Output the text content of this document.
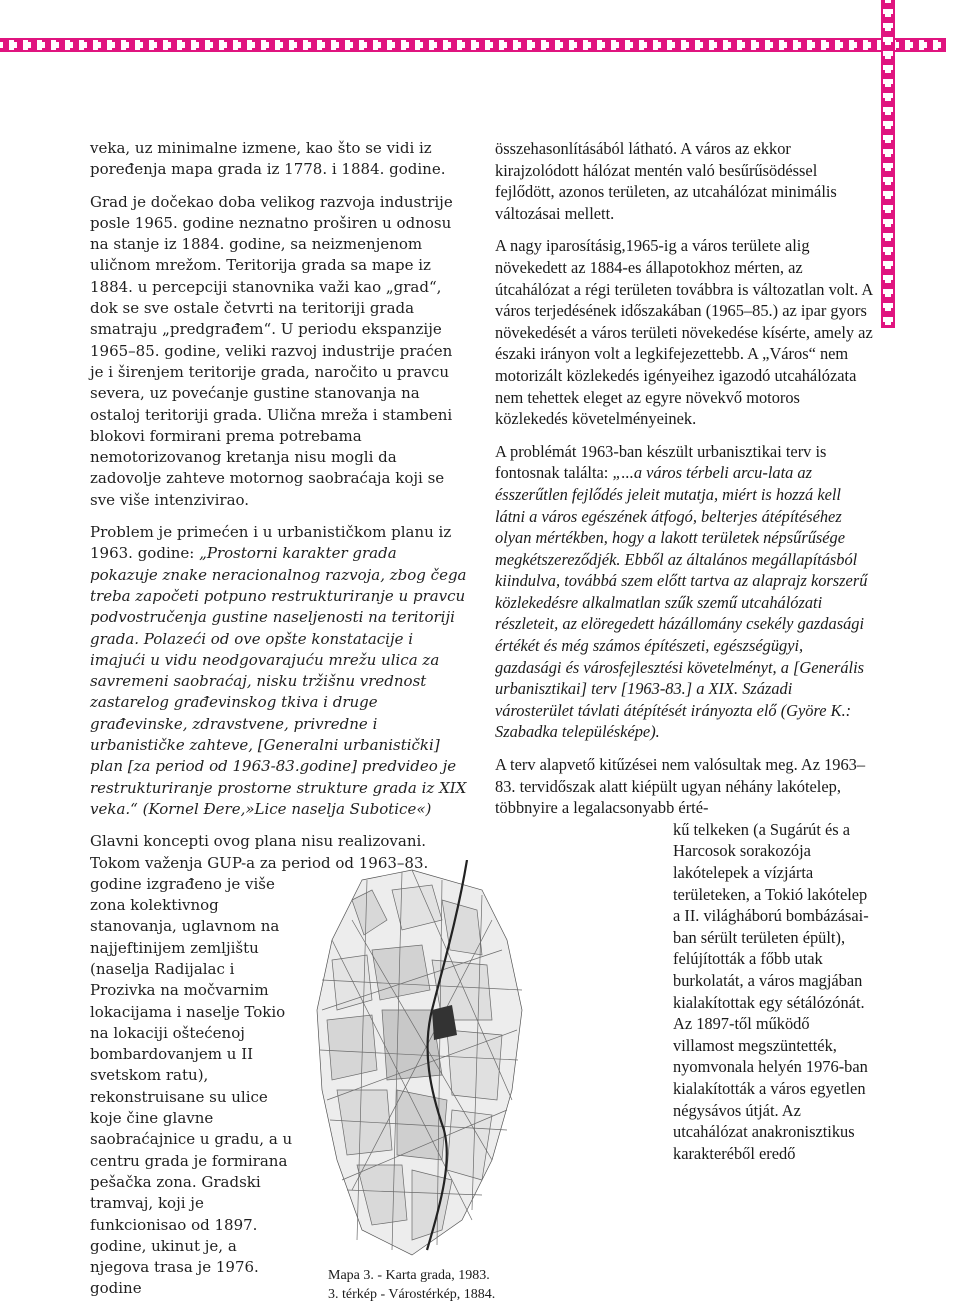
veka, uz minimalne izmene, kao što se vidi iz poređenja mapa grada iz 1778. i 1884. godine.

Grad je dočekao doba velikog razvoja industrije posle 1965. godine neznatno proširen u odnosu na stanje iz 1884. godine, sa neizmenjenom uličnom mrežom. Teritorija grada sa mape iz 1884. u percepciji stanovnika važi kao „grad“, dok se sve ostale četvrti na teritoriji grada smatraju „predgrađem“. U periodu ekspanzije 1965–85. godine, veliki razvoj industrije praćen je i širenjem teritorije grada, naročito u pravcu severa, uz povećanje gustine stanovanja na ostaloj teritoriji grada. Ulična mreža i stambeni blokovi formirani prema potrebama nemotorizovanog kretanja nisu mogli da zadovolje zahteve motornog saobraćaja koji se sve više intenzivirao.

Problem je primećen i u urbanističkom planu iz 1963. godine: „Prostorni karakter grada pokazuje znake neracionalnog razvoja, zbog čega treba započeti potpuno restrukturiranje u pravcu podvostručenja gustine naseljenosti na teritoriji grada. Polazeći od ove opšte konstatacije i imajući u vidu neodgovarajuću mrežu ulica za savremeni saobraćaj, nisku tržišnu vrednost zastarelog građevinskog tkiva i druge građevinske, zdravstvene, privredne i urbanističke zahteve, [Generalni urbanistički] plan [za period od 1963-83.godine] predvideo je restrukturiranje prostorne strukture grada iz XIX veka.“ (Kornel Đere,»Lice naselja Subotice«)

Glavni koncepti ovog plana nisu realizovani. Tokom važenja GUP-a za period od 1963–83.
godine izgrađeno je više zona kolektivnog stanovanja, uglavnom na najjeftinijem zemljištu (naselja Radijalac i Prozivka na močvarnim lokacijama i naselje Tokio na lokaciji oštećenoj bombardovanjem u II svetskom ratu), rekonstruisane su ulice koje čine glavne saobraćajnice u gradu, a u centru grada je formirana pešačka zona. Gradski tramvaj, koji je funkcionisao od 1897. godine, ukinut je, a njegova trasa je 1976. godine

összehasonlításából látható. A város az ekkor kirajzolódott hálózat mentén való besűrűsödéssel fejlődött, azonos területen, az utcahálózat minimális változásai mellett.

A nagy iparosításig,1965-ig a város területe alig növekedett az 1884-es állapotokhoz mérten, az útcahálózat a régi területen továbbra is változatlan volt. A város terjedésének időszakában (1965–85.) az ipar gyors növekedését a város területi növekedése kísérte, amely az északi irányon volt a legkifejezettebb. A „Város“ nem motorizált közlekedés igényeihez igazodó utcahálózata nem tehettek eleget az egyre növekvő motoros közlekedés követelményeinek.

A problémát 1963-ban készült urbanisztikai terv is fontosnak találta: „...a város térbeli arcu-lata az ésszerűtlen fejlődés jeleit mutatja, miért is hozzá kell látni a város egészének átfogó, belterjes átépítéséhez olyan mértékben, hogy a lakott területek népsűrűsége megkétszereződjék. Ebből az általános megállapításból kiindulva, továbbá szem előtt tartva az alaprajz korszerű közlekedésre alkalmatlan szűk szemű utcahálózati részleteit, az elöregedett házállomány csekély gazdasági értékét és még számos építészeti, egészségügyi, gazdasági és városfejlesztési követelményt, a [Generális urbanisztikai] terv [1963-83.] a XIX. Századi városterület távlati átépítését irányozta elő (Györe K.: Szabadka településképe).

A terv alapvető kitűzései nem valósultak meg. Az 1963–83. tervidőszak alatt kiépült ugyan néhány lakótelep, többnyire a legalacsonyabb érté-
kű telkeken (a Sugárút és a Harcosok sorakozója lakótelepek a vízjárta területeken, a Tokió lakótelep a II. világháború bombázásai-ban sérült területen épült), felújították a főbb utak burkolatát, a város magjában kialakítottak egy sétálózónát. Az 1897-től működő villamost megszüntették, nyomvonala helyén 1976-ban kialakították a város egyetlen négysávos útját. Az utcahálózat anakronisztikus karakteréből eredő

Mapa 3. - Karta grada, 1983.
3. térkép - Várostérkép, 1884.
